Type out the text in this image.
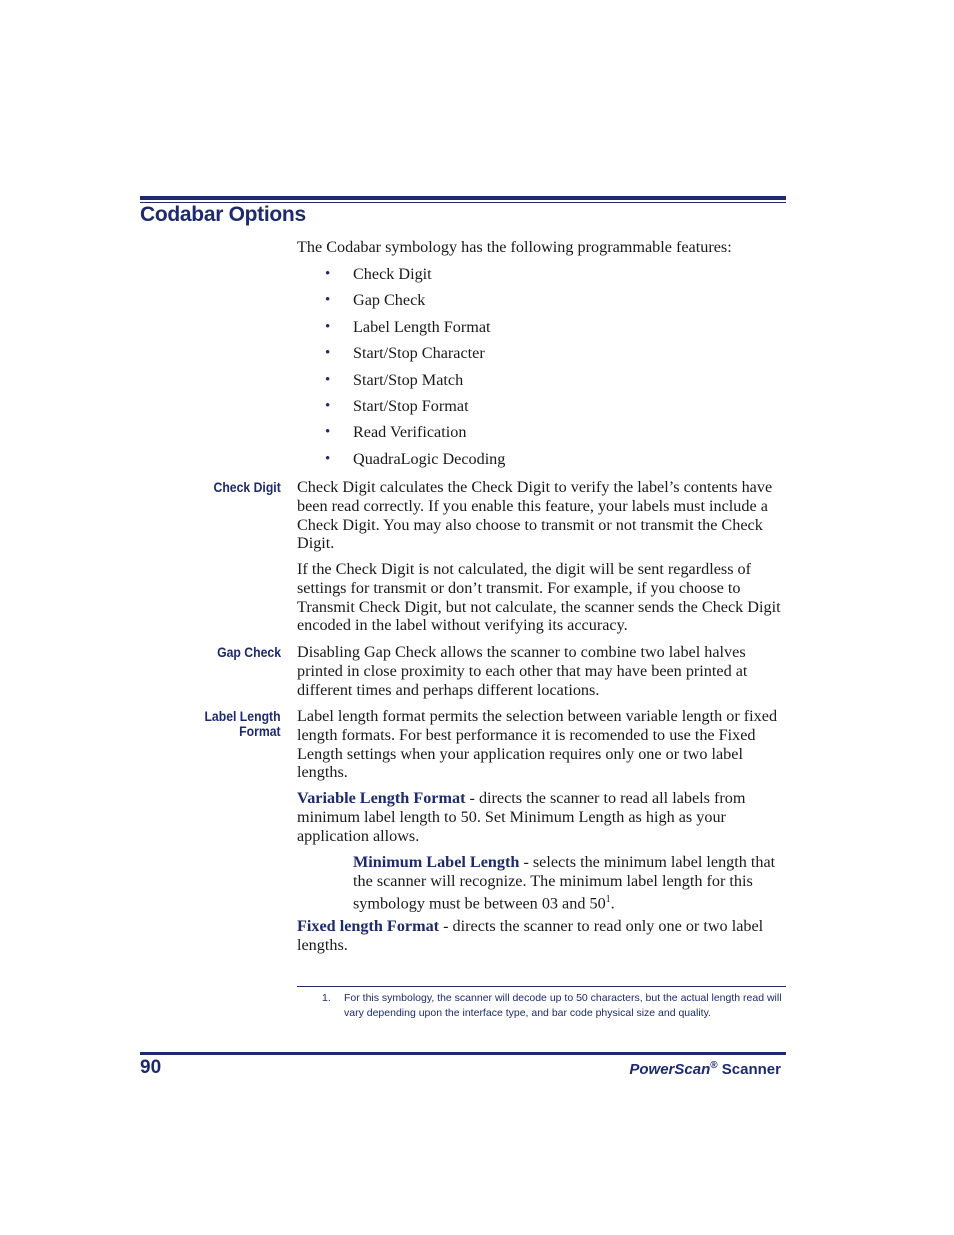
Codabar Options

The Codabar symbology has the following programmable features:

• Check Digit
• Gap Check
• Label Length Format
• Start/Stop Character
• Start/Stop Match
• Start/Stop Format
• Read Verification
• QuadraLogic Decoding

Check Digit Check Digit calculates the Check Digit to verify the label’s contents have been read correctly. If you enable this feature, your labels must include a Check Digit. You may also choose to transmit or not transmit the Check Digit.

If the Check Digit is not calculated, the digit will be sent regardless of settings for transmit or don’t transmit. For example, if you choose to Transmit Check Digit, but not calculate, the scanner sends the Check Digit encoded in the label without verifying its accuracy.

Gap Check Disabling Gap Check allows the scanner to combine two label halves printed in close proximity to each other that may have been printed at different times and perhaps different locations.

Label Length
Format

Label length format permits the selection between variable length or fixed length formats. For best performance it is recomended to use the Fixed Length settings when your application requires only one or two label lengths.

Variable Length Format - directs the scanner to read all labels from minimum label length to 50. Set Minimum Length as high as your application allows.

Minimum Label Length - selects the minimum label length that the scanner will recognize. The minimum label length for this symbology must be between 03 and $50^1$.

Fixed length Format - directs the scanner to read only one or two label lengths.

1.	For this symbology, the scanner will decode up to 50 characters, but the actual length read will vary depending upon the interface type, and bar code physical size and quality.

90	PowerScan® Scanner
